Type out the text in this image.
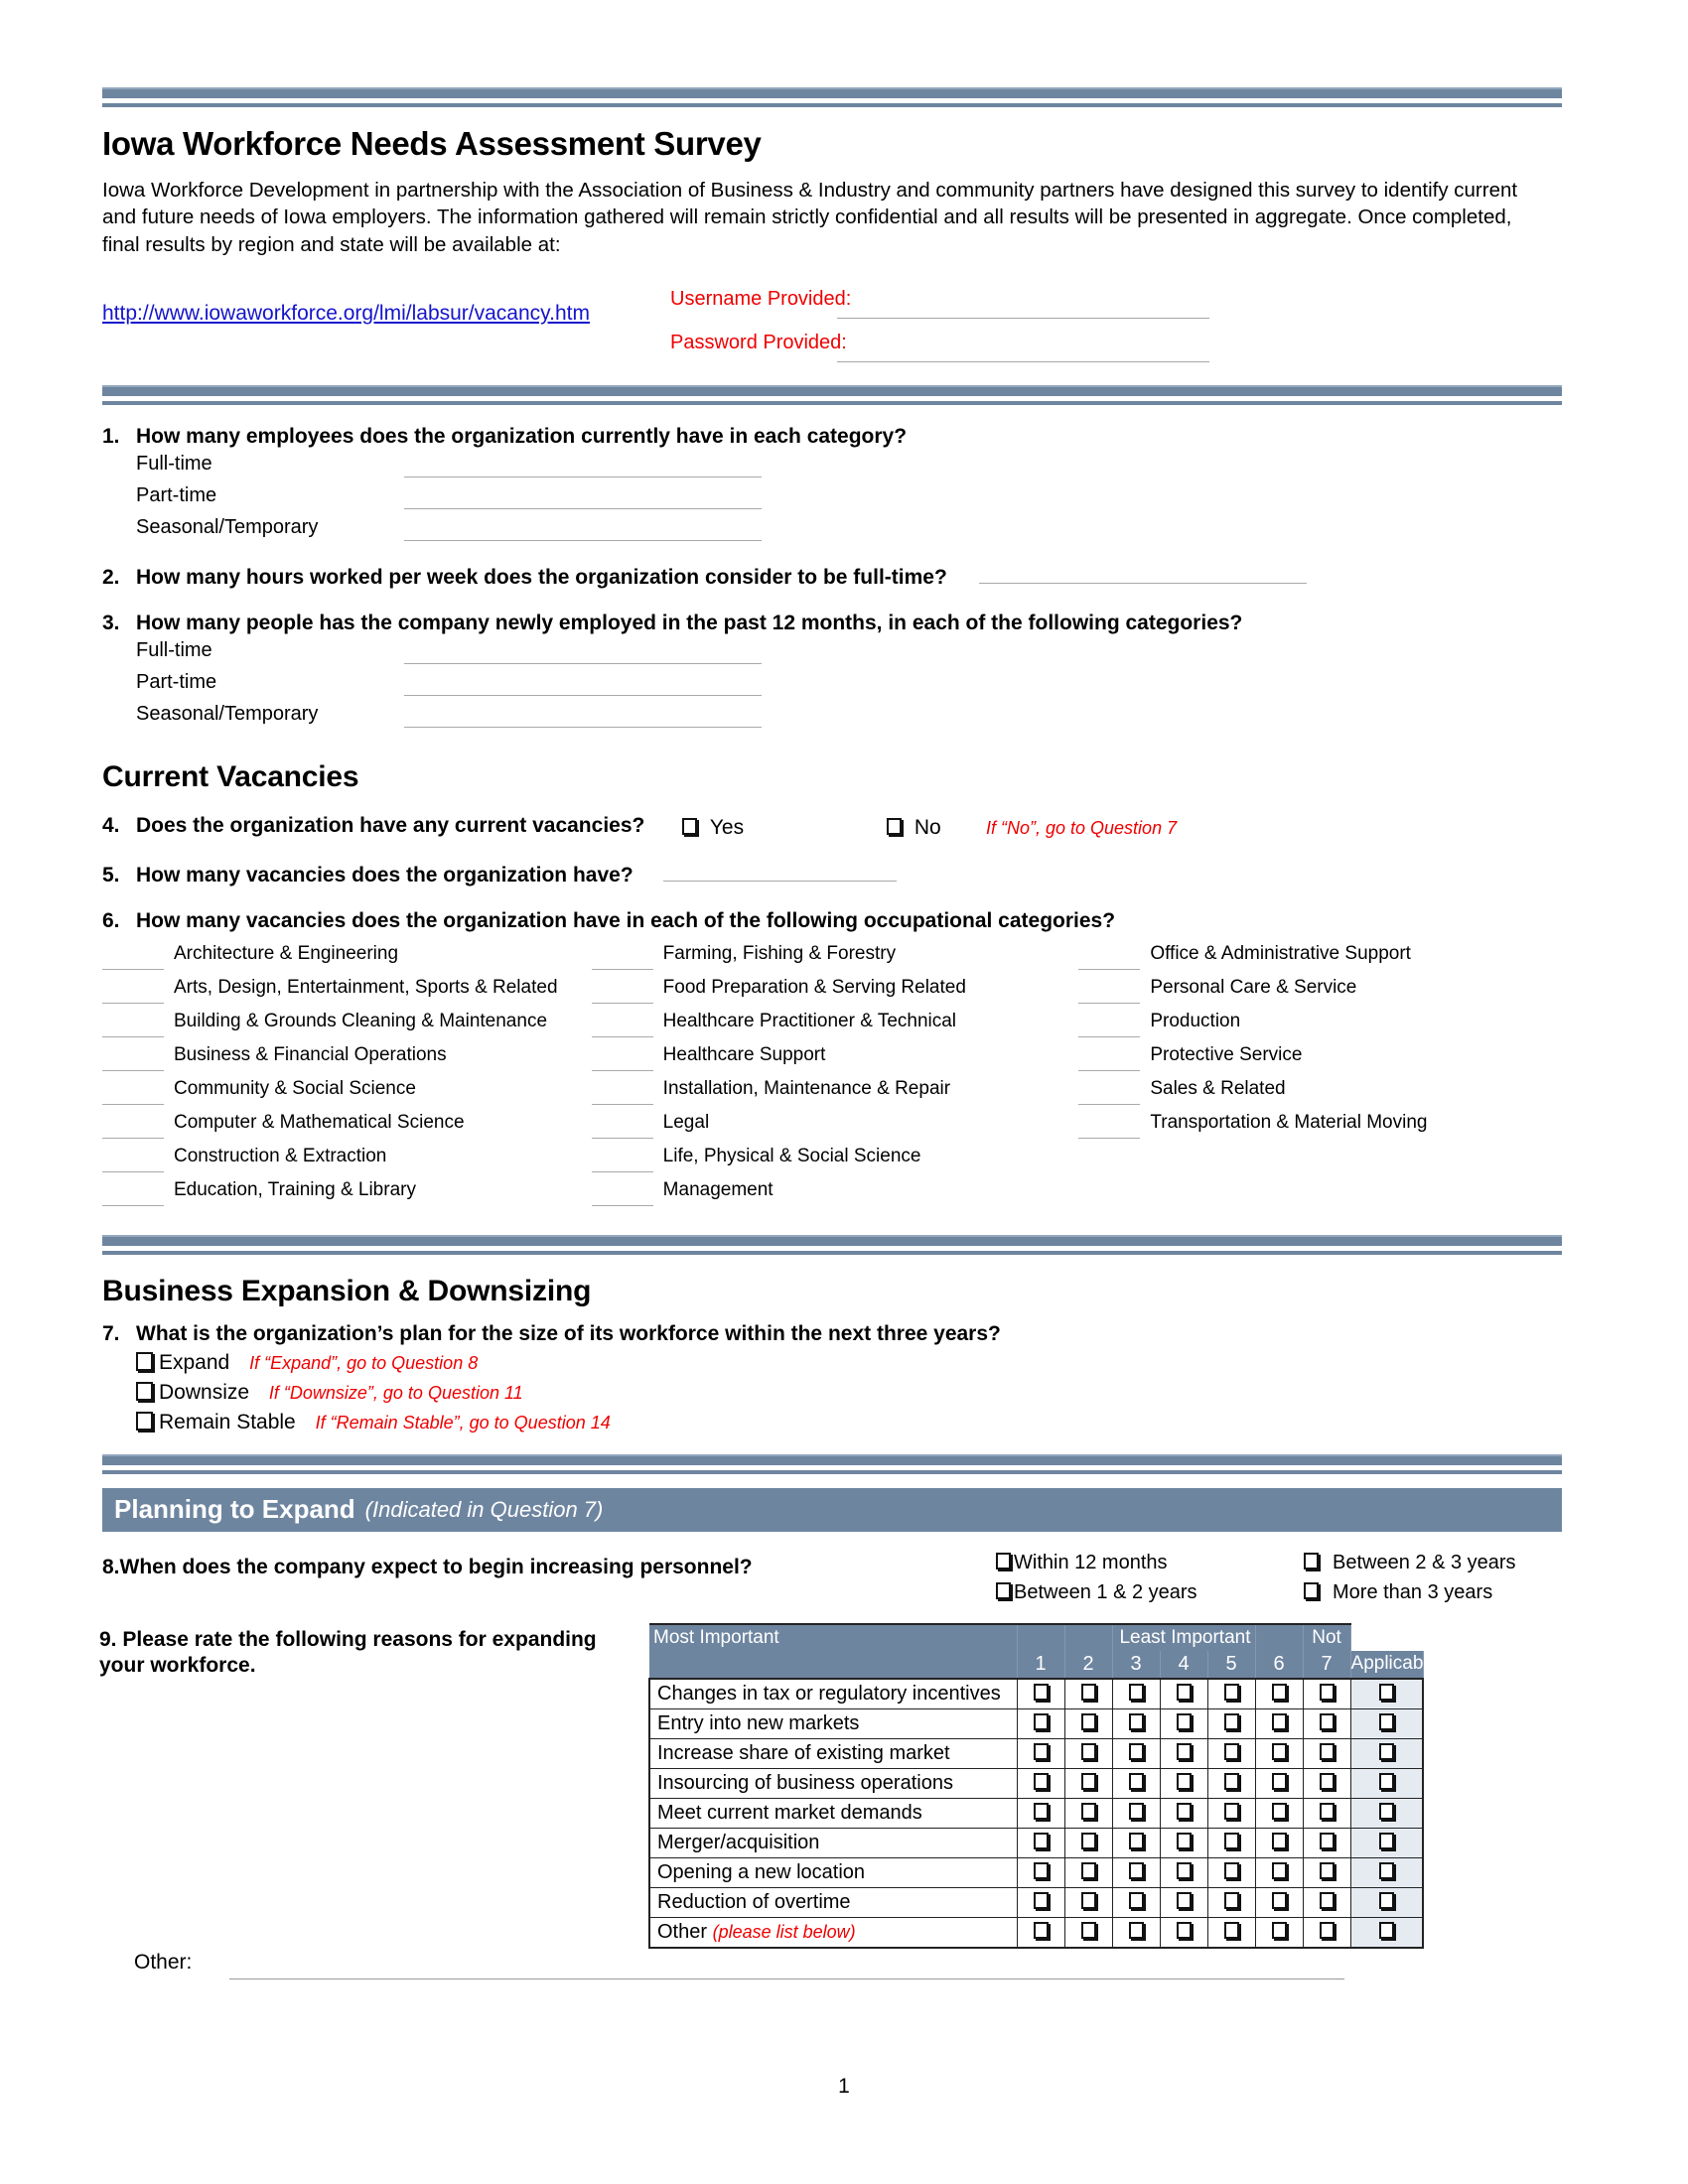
Iowa Workforce Needs Assessment Survey
Iowa Workforce Development in partnership with the Association of Business & Industry and community partners have designed this survey to identify current and future needs of Iowa employers. The information gathered will remain strictly confidential and all results will be presented in aggregate. Once completed, final results by region and state will be available at:
http://www.iowaworkforce.org/lmi/labsur/vacancy.htm
Username Provided:
Password Provided:
1. How many employees does the organization currently have in each category?
Full-time
Part-time
Seasonal/Temporary
2. How many hours worked per week does the organization consider to be full-time?
3. How many people has the company newly employed in the past 12 months, in each of the following categories?
Full-time
Part-time
Seasonal/Temporary
Current Vacancies
4. Does the organization have any current vacancies?	Yes	No	If “No”, go to Question 7
5. How many vacancies does the organization have?
6. How many vacancies does the organization have in each of the following occupational categories?
Architecture & Engineering
Arts, Design, Entertainment, Sports & Related
Building & Grounds Cleaning & Maintenance
Business & Financial Operations
Community & Social Science
Computer & Mathematical Science
Construction & Extraction
Education, Training & Library
Farming, Fishing & Forestry
Food Preparation & Serving Related
Healthcare Practitioner & Technical
Healthcare Support
Installation, Maintenance & Repair
Legal
Life, Physical & Social Science
Management
Office & Administrative Support
Personal Care & Service
Production
Protective Service
Sales & Related
Transportation & Material Moving
Business Expansion & Downsizing
7. What is the organization’s plan for the size of its workforce within the next three years?
Expand If “Expand”, go to Question 8
Downsize If “Downsize”, go to Question 11
Remain Stable If “Remain Stable”, go to Question 14
Planning to Expand (Indicated in Question 7)
8.When does the company expect to begin increasing personnel?	Within 12 months
Between 1 & 2 years
Between 2 & 3 years
More than 3 years
9. Please rate the following reasons for expanding your workforce.
Most Important			Least Important				Not	
	1	2	3	4	5	6	7	Applicable
Changes in tax or regulatory incentives								
Entry into new markets								
Increase share of existing market								
Insourcing of business operations								
Meet current market demands								
Merger/acquisition								
Opening a new location								
Reduction of overtime								
Other (please list below)								
Other:
1
